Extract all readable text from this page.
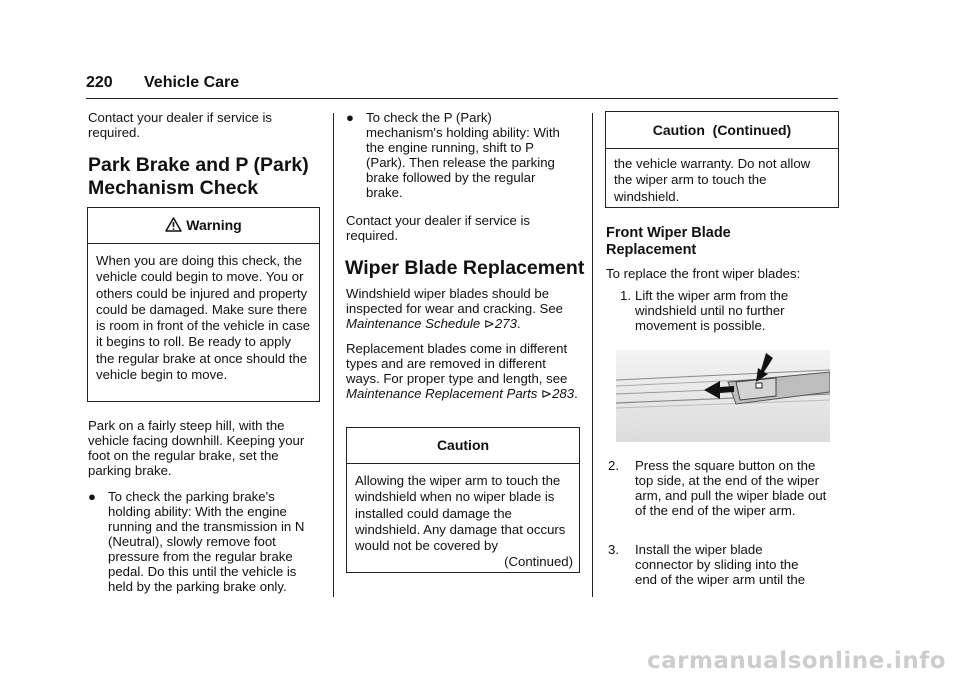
220 Vehicle Care

Contact your dealer if service is required.

Park Brake and P (Park) Mechanism Check
Warning
When you are doing this check, the vehicle could begin to move. You or others could be injured and property could be damaged. Make sure there is room in front of the vehicle in case it begins to roll. Be ready to apply the regular brake at once should the vehicle begin to move.

Park on a fairly steep hill, with the vehicle facing downhill. Keeping your foot on the regular brake, set the parking brake.

● To check the parking brake's holding ability: With the engine running and the transmission in N (Neutral), slowly remove foot pressure from the regular brake pedal. Do this until the vehicle is held by the parking brake only.
● To check the P (Park) mechanism's holding ability: With the engine running, shift to P (Park). Then release the parking brake followed by the regular brake.

Contact your dealer if service is required.

Wiper Blade Replacement

Windshield wiper blades should be inspected for wear and cracking. See Maintenance Schedule ⊳273.

Replacement blades come in different types and are removed in different ways. For proper type and length, see Maintenance Replacement Parts ⊳283.

Caution
Allowing the wiper arm to touch the windshield when no wiper blade is installed could damage the windshield. Any damage that occurs would not be covered by
(Continued)
Caution  (Continued)
the vehicle warranty. Do not allow the wiper arm to touch the windshield.
Front Wiper Blade Replacement

To replace the front wiper blades:

1. Lift the wiper arm from the windshield until no further movement is possible.
2. Press the square button on the top side, at the end of the wiper arm, and pull the wiper blade out of the end of the wiper arm.
3. Install the wiper blade connector by sliding into the end of the wiper arm until the
carmanualsonline.info
